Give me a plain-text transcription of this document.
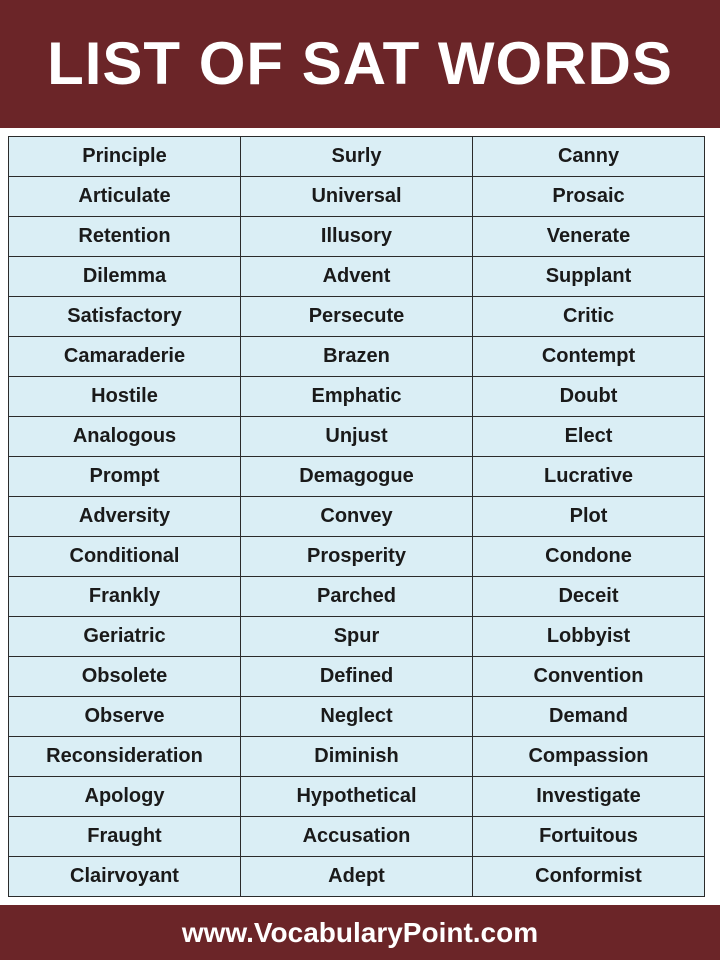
LIST OF SAT WORDS
Principle	Surly	Canny
Articulate	Universal	Prosaic
Retention	Illusory	Venerate
Dilemma	Advent	Supplant
Satisfactory	Persecute	Critic
Camaraderie	Brazen	Contempt
Hostile	Emphatic	Doubt
Analogous	Unjust	Elect
Prompt	Demagogue	Lucrative
Adversity	Convey	Plot
Conditional	Prosperity	Condone
Frankly	Parched	Deceit
Geriatric	Spur	Lobbyist
Obsolete	Defined	Convention
Observe	Neglect	Demand
Reconsideration	Diminish	Compassion
Apology	Hypothetical	Investigate
Fraught	Accusation	Fortuitous
Clairvoyant	Adept	Conformist
www.VocabularyPoint.com
